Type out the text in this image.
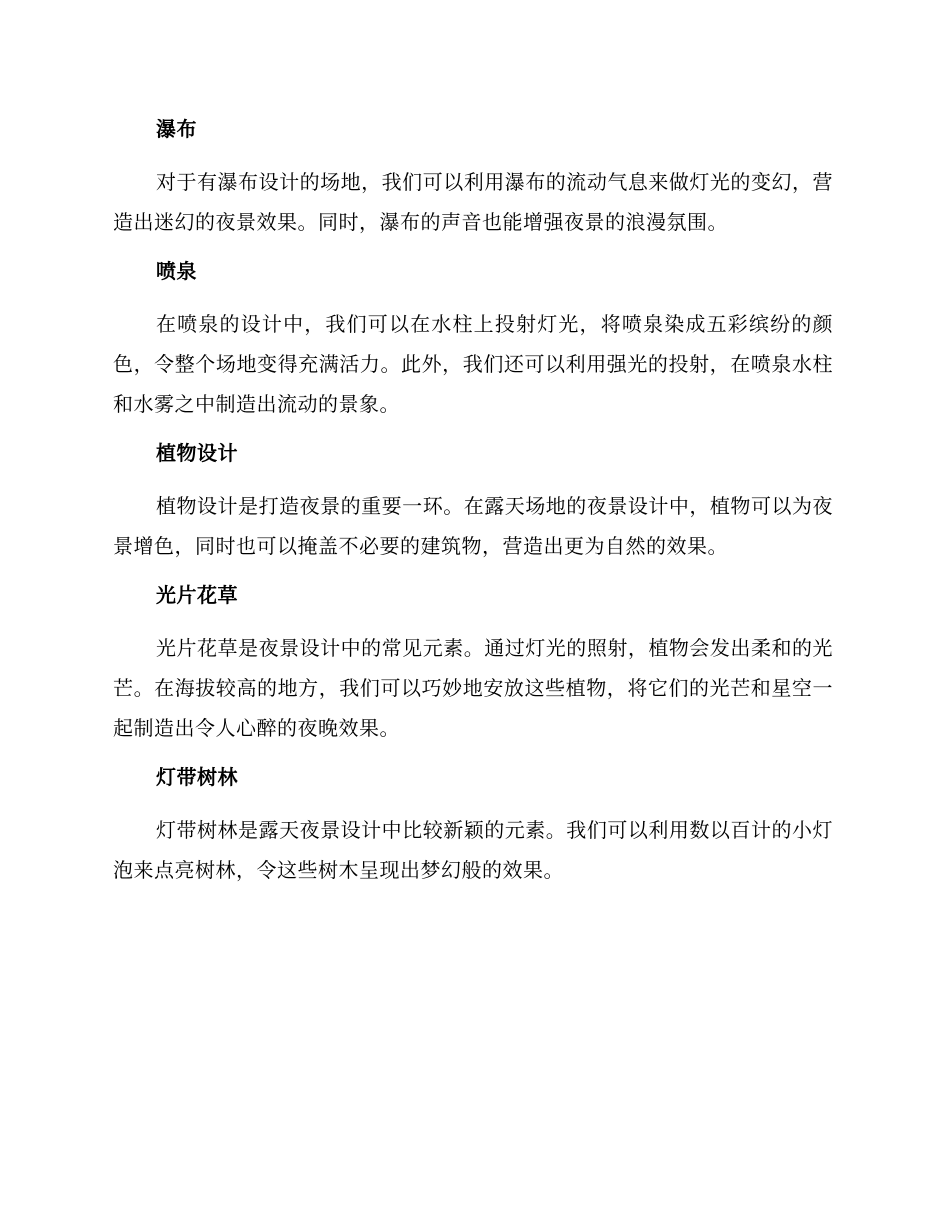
瀑布

对于有瀑布设计的场地，我们可以利用瀑布的流动气息来做灯光的变幻，营造出迷幻的夜景效果。同时，瀑布的声音也能增强夜景的浪漫氛围。

喷泉

在喷泉的设计中，我们可以在水柱上投射灯光，将喷泉染成五彩缤纷的颜色，令整个场地变得充满活力。此外，我们还可以利用强光的投射，在喷泉水柱和水雾之中制造出流动的景象。

植物设计

植物设计是打造夜景的重要一环。在露天场地的夜景设计中，植物可以为夜景增色，同时也可以掩盖不必要的建筑物，营造出更为自然的效果。

光片花草

光片花草是夜景设计中的常见元素。通过灯光的照射，植物会发出柔和的光芒。在海拔较高的地方，我们可以巧妙地安放这些植物，将它们的光芒和星空一起制造出令人心醉的夜晚效果。

灯带树林

灯带树林是露天夜景设计中比较新颖的元素。我们可以利用数以百计的小灯泡来点亮树林，令这些树木呈现出梦幻般的效果。
